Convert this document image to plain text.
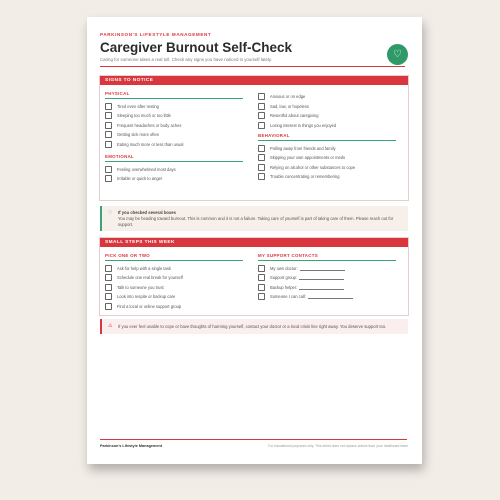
PARKINSON'S LIFESTYLE MANAGEMENT
Caregiver Burnout Self-Check
Caring for someone takes a real toll. Check any signs you have noticed in yourself lately.	♡
SIGNS TO NOTICE
PHYSICAL
Tired even after resting
Sleeping too much or too little
Frequent headaches or body aches
Getting sick more often
Eating much more or less than usual
EMOTIONAL
Feeling overwhelmed most days
Irritable or quick to anger
Anxious or on edge
Sad, low, or hopeless
Resentful about caregiving
Losing interest in things you enjoyed
BEHAVIORAL
Pulling away from friends and family
Skipping your own appointments or meds
Relying on alcohol or other substances to cope
Trouble concentrating or remembering
♡ If you checked several boxes
You may be heading toward burnout. This is common and it is not a failure. Taking care of yourself is part of taking care of them. Please reach out for support.
SMALL STEPS THIS WEEK
PICK ONE OR TWO
Ask for help with a single task
Schedule one real break for yourself
Talk to someone you trust
Look into respite or backup care
Find a local or online support group
MY SUPPORT CONTACTS
My own doctor:
Support group:
Backup helper:
Someone I can call:
⚠ If you ever feel unable to cope or have thoughts of harming yourself, contact your doctor or a local crisis line right away. You deserve support too.
Parkinson's Lifestyle Management	For educational purposes only. This sheet does not replace advice from your healthcare team.
